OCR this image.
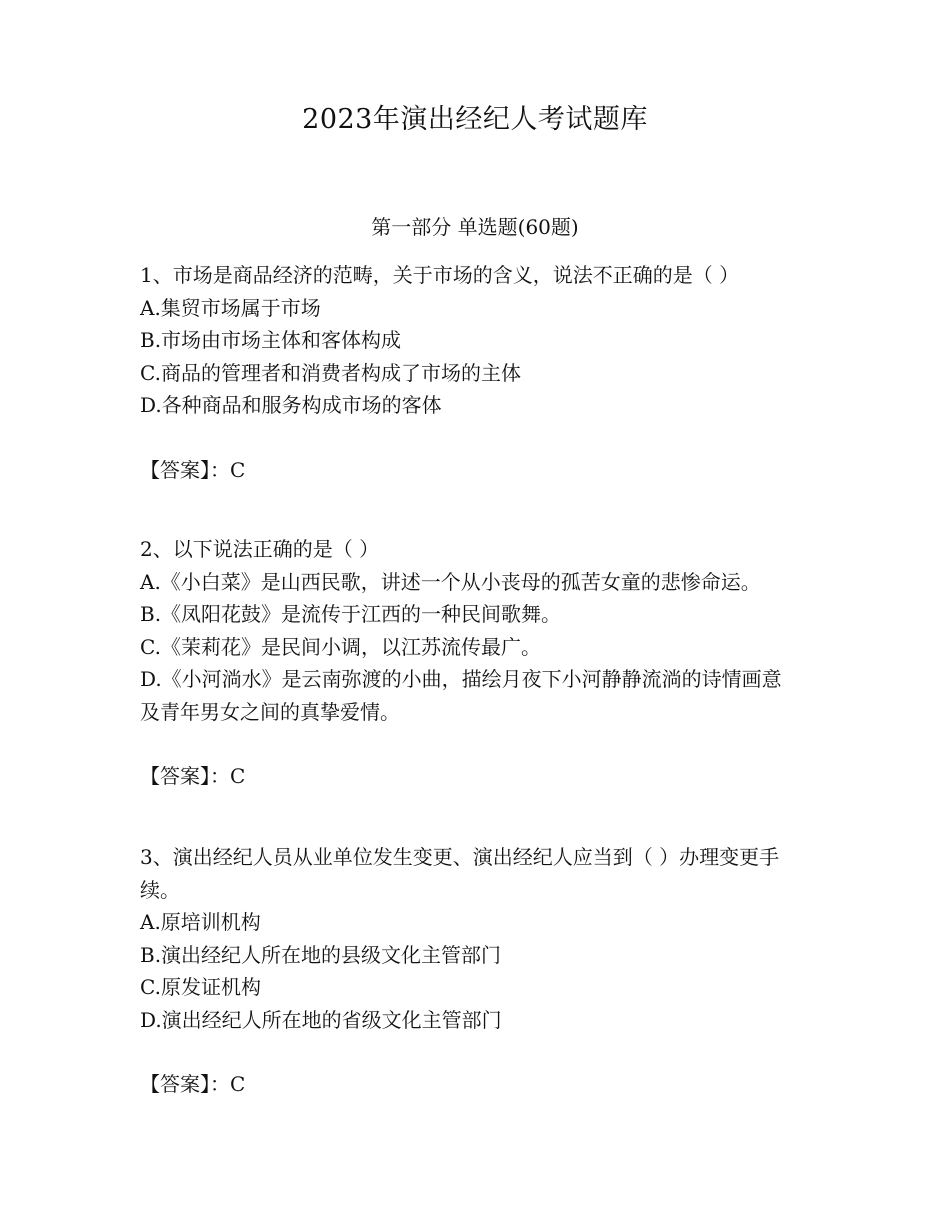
2023年演出经纪人考试题库
第一部分 单选题(60题)

1、市场是商品经济的范畴，关于市场的含义，说法不正确的是（ ）

A.集贸市场属于市场

B.市场由市场主体和客体构成

C.商品的管理者和消费者构成了市场的主体

D.各种商品和服务构成市场的客体

【答案】：C

2、以下说法正确的是（ ）

A.《小白菜》是山西民歌，讲述一个从小丧母的孤苦女童的悲惨命运。

B.《凤阳花鼓》是流传于江西的一种民间歌舞。

C.《茉莉花》是民间小调，以江苏流传最广。

D.《小河淌水》是云南弥渡的小曲，描绘月夜下小河静静流淌的诗情画意及青年男女之间的真挚爱情。

【答案】：C

3、演出经纪人员从业单位发生变更、演出经纪人应当到（ ）办理变更手续。

A.原培训机构

B.演出经纪人所在地的县级文化主管部门

C.原发证机构

D.演出经纪人所在地的省级文化主管部门

【答案】：C
